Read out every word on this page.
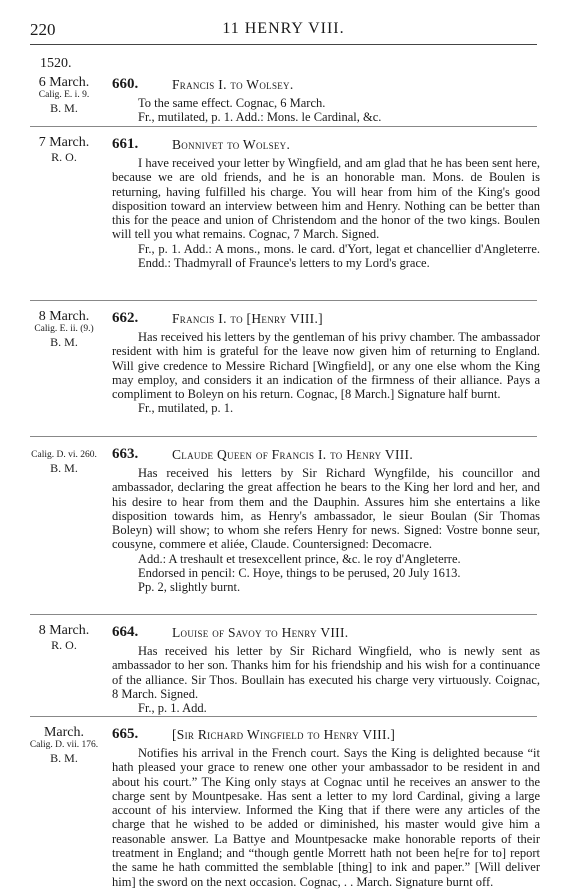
220	11 HENRY VIII.
1520.
6 March.
Calig. E. i. 9.
B. M.
660.	Francis I. to Wolsey.

To the same effect. Cognac, 6 March.

Fr., mutilated, p. 1. Add.: Mons. le Cardinal, &c.

7 March.
R. O.
661.	Bonnivet to Wolsey.

I have received your letter by Wingfield, and am glad that he has been sent here, because we are old friends, and he is an honorable man. Mons. de Boulen is returning, having fulfilled his charge. You will hear from him of the King's good disposition toward an interview between him and Henry. Nothing can be better than this for the peace and union of Christendom and the honor of the two kings. Boulen will tell you what remains. Cognac, 7 March. Signed.

Fr., p. 1. Add.: A mons., mons. le card. d'Yort, legat et chancellier d'Angleterre. Endd.: Thadmyrall of Fraunce's letters to my Lord's grace.

8 March.
Calig. E. ii. (9.)
B. M.
662.	Francis I. to [Henry VIII.]

Has received his letters by the gentleman of his privy chamber. The ambassador resident with him is grateful for the leave now given him of returning to England. Will give credence to Messire Richard [Wingfield], or any one else whom the King may employ, and considers it an indication of the firmness of their alliance. Pays a compliment to Boleyn on his return. Cognac, [8 March.] Signature half burnt.

Fr., mutilated, p. 1.

Calig. D. vi. 260.
B. M.
663.	Claude Queen of Francis I. to Henry VIII.

Has received his letters by Sir Richard Wyngfilde, his councillor and ambassador, declaring the great affection he bears to the King her lord and her, and his desire to hear from them and the Dauphin. Assures him she entertains a like disposition towards him, as Henry's ambassador, le sieur Boulan (Sir Thomas Boleyn) will show; to whom she refers Henry for news. Signed: Vostre bonne seur, cousyne, commere et aliée, Claude. Countersigned: Decomacre.

Add.: A treshault et tresexcellent prince, &c. le roy d'Angleterre.

Endorsed in pencil: C. Hoye, things to be perused, 20 July 1613.

Pp. 2, slightly burnt.

8 March.
R. O.
664.	Louise of Savoy to Henry VIII.

Has received his letter by Sir Richard Wingfield, who is newly sent as ambassador to her son. Thanks him for his friendship and his wish for a continuance of the alliance. Sir Thos. Boullain has executed his charge very virtuously. Coignac, 8 March. Signed.

Fr., p. 1. Add.

March.
Calig. D. vii. 176.
B. M.
665.	[Sir Richard Wingfield to Henry VIII.]

Notifies his arrival in the French court. Says the King is delighted because “it hath pleased your grace to renew one other your ambassador to be resident in and about his court.” The King only stays at Cognac until he receives an answer to the charge sent by Mountpesake. Has sent a letter to my lord Cardinal, giving a large account of his interview. Informed the King that if there were any articles of the charge that he wished to be added or diminished, his master would give him a reasonable answer. La Battye and Mountpesacke make honorable reports of their treatment in England; and “though gentle Morrett hath not been he[re for to] report the same he hath committed the semblable [thing] to ink and paper.” [Will deliver him] the sword on the next occasion. Cognac, . . March. Signature burnt off.
